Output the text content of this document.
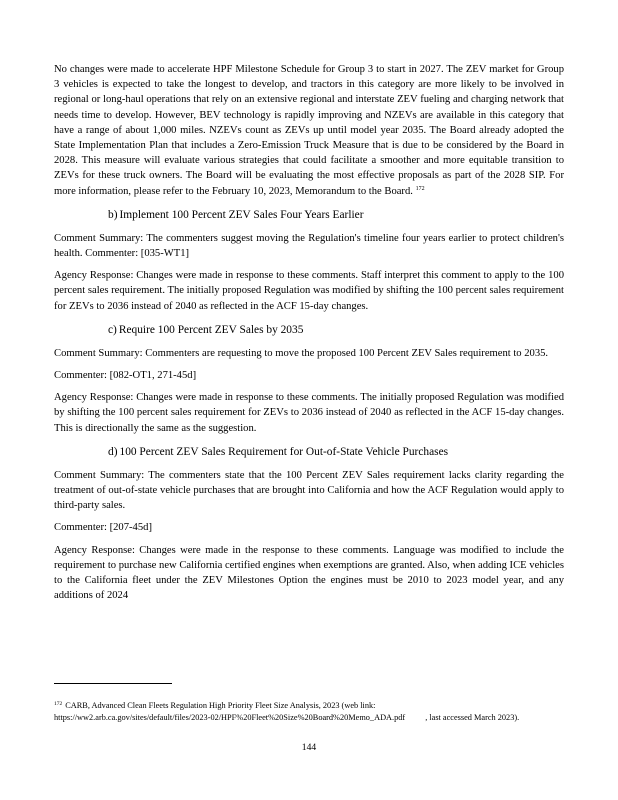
No changes were made to accelerate HPF Milestone Schedule for Group 3 to start in 2027. The ZEV market for Group 3 vehicles is expected to take the longest to develop, and tractors in this category are more likely to be involved in regional or long-haul operations that rely on an extensive regional and interstate ZEV fueling and charging network that needs time to develop. However, BEV technology is rapidly improving and NZEVs are available in this category that have a range of about 1,000 miles. NZEVs count as ZEVs up until model year 2035. The Board already adopted the State Implementation Plan that includes a Zero-Emission Truck Measure that is due to be considered by the Board in 2028. This measure will evaluate various strategies that could facilitate a smoother and more equitable transition to ZEVs for these truck owners. The Board will be evaluating the most effective proposals as part of the 2028 SIP. For more information, please refer to the February 10, 2023, Memorandum to the Board. $^{172}$

b) Implement 100 Percent ZEV Sales Four Years Earlier

Comment Summary: The commenters suggest moving the Regulation's timeline four years earlier to protect children's health. Commenter: [035-WT1]

Agency Response: Changes were made in response to these comments. Staff interpret this comment to apply to the 100 percent sales requirement. The initially proposed Regulation was modified by shifting the 100 percent sales requirement for ZEVs to 2036 instead of 2040 as reflected in the ACF 15-day changes.

c) Require 100 Percent ZEV Sales by 2035

Comment Summary: Commenters are requesting to move the proposed 100 Percent ZEV Sales requirement to 2035.

Commenter: [082-OT1, 271-45d]

Agency Response: Changes were made in response to these comments. The initially proposed Regulation was modified by shifting the 100 percent sales requirement for ZEVs to 2036 instead of 2040 as reflected in the ACF 15-day changes. This is directionally the same as the suggestion.

d) 100 Percent ZEV Sales Requirement for Out-of-State Vehicle Purchases

Comment Summary: The commenters state that the 100 Percent ZEV Sales requirement lacks clarity regarding the treatment of out-of-state vehicle purchases that are brought into California and how the ACF Regulation would apply to third-party sales.

Commenter: [207-45d]

Agency Response: Changes were made in the response to these comments. Language was modified to include the requirement to purchase new California certified engines when exemptions are granted. Also, when adding ICE vehicles to the California fleet under the ZEV Milestones Option the engines must be 2010 to 2023 model year, and any additions of 2024

$^{172}$ CARB, Advanced Clean Fleets Regulation High Priority Fleet Size Analysis, 2023 (web link:
https://ww2.arb.ca.gov/sites/default/files/2023-02/HPF%20Fleet%20Size%20Board%20Memo_ADA.pdf , last accessed March 2023).
144
